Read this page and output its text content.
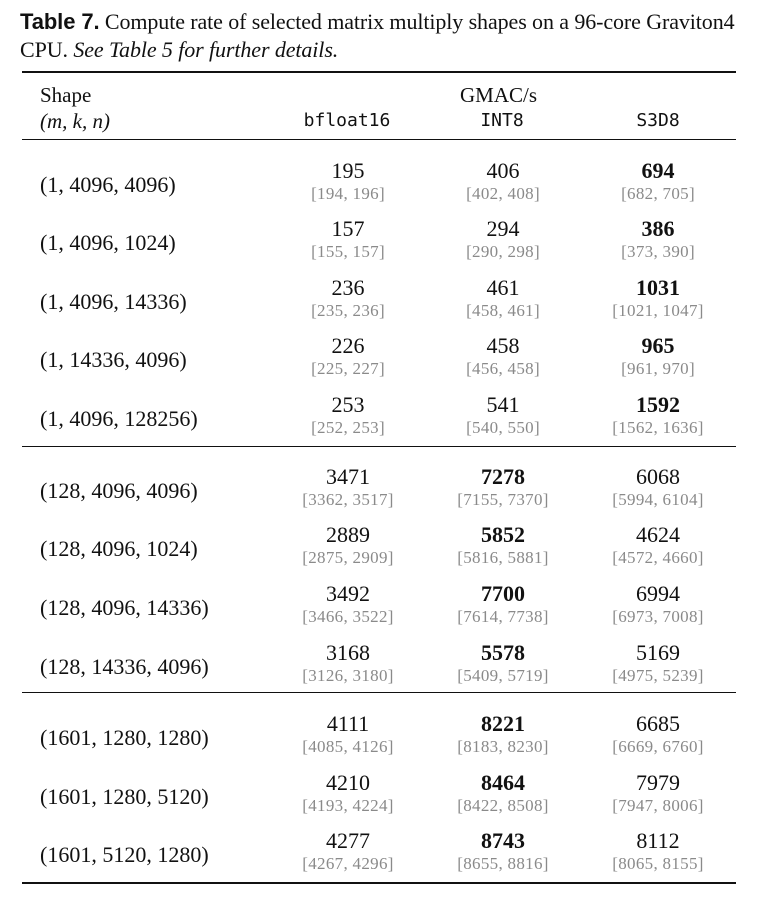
Table 7. Compute rate of selected matrix multiply shapes on a 96-core Graviton4 CPU. See Table 5 for further details.
Shape
(m, k, n)
GMAC/s
bfloat16	INT8	S3D8
(1, 4096, 4096)
195
[194, 196]
406
[402, 408]
694
[682, 705]
(1, 4096, 1024)
157
[155, 157]
294
[290, 298]
386
[373, 390]
(1, 4096, 14336)
236
[235, 236]
461
[458, 461]
1031
[1021, 1047]
(1, 14336, 4096)
226
[225, 227]
458
[456, 458]
965
[961, 970]
(1, 4096, 128256)
253
[252, 253]
541
[540, 550]
1592
[1562, 1636]
(128, 4096, 4096)
3471
[3362, 3517]
7278
[7155, 7370]
6068
[5994, 6104]
(128, 4096, 1024)
2889
[2875, 2909]
5852
[5816, 5881]
4624
[4572, 4660]
(128, 4096, 14336)
3492
[3466, 3522]
7700
[7614, 7738]
6994
[6973, 7008]
(128, 14336, 4096)
3168
[3126, 3180]
5578
[5409, 5719]
5169
[4975, 5239]
(1601, 1280, 1280)
4111
[4085, 4126]
8221
[8183, 8230]
6685
[6669, 6760]
(1601, 1280, 5120)
4210
[4193, 4224]
8464
[8422, 8508]
7979
[7947, 8006]
(1601, 5120, 1280)
4277
[4267, 4296]
8743
[8655, 8816]
8112
[8065, 8155]
